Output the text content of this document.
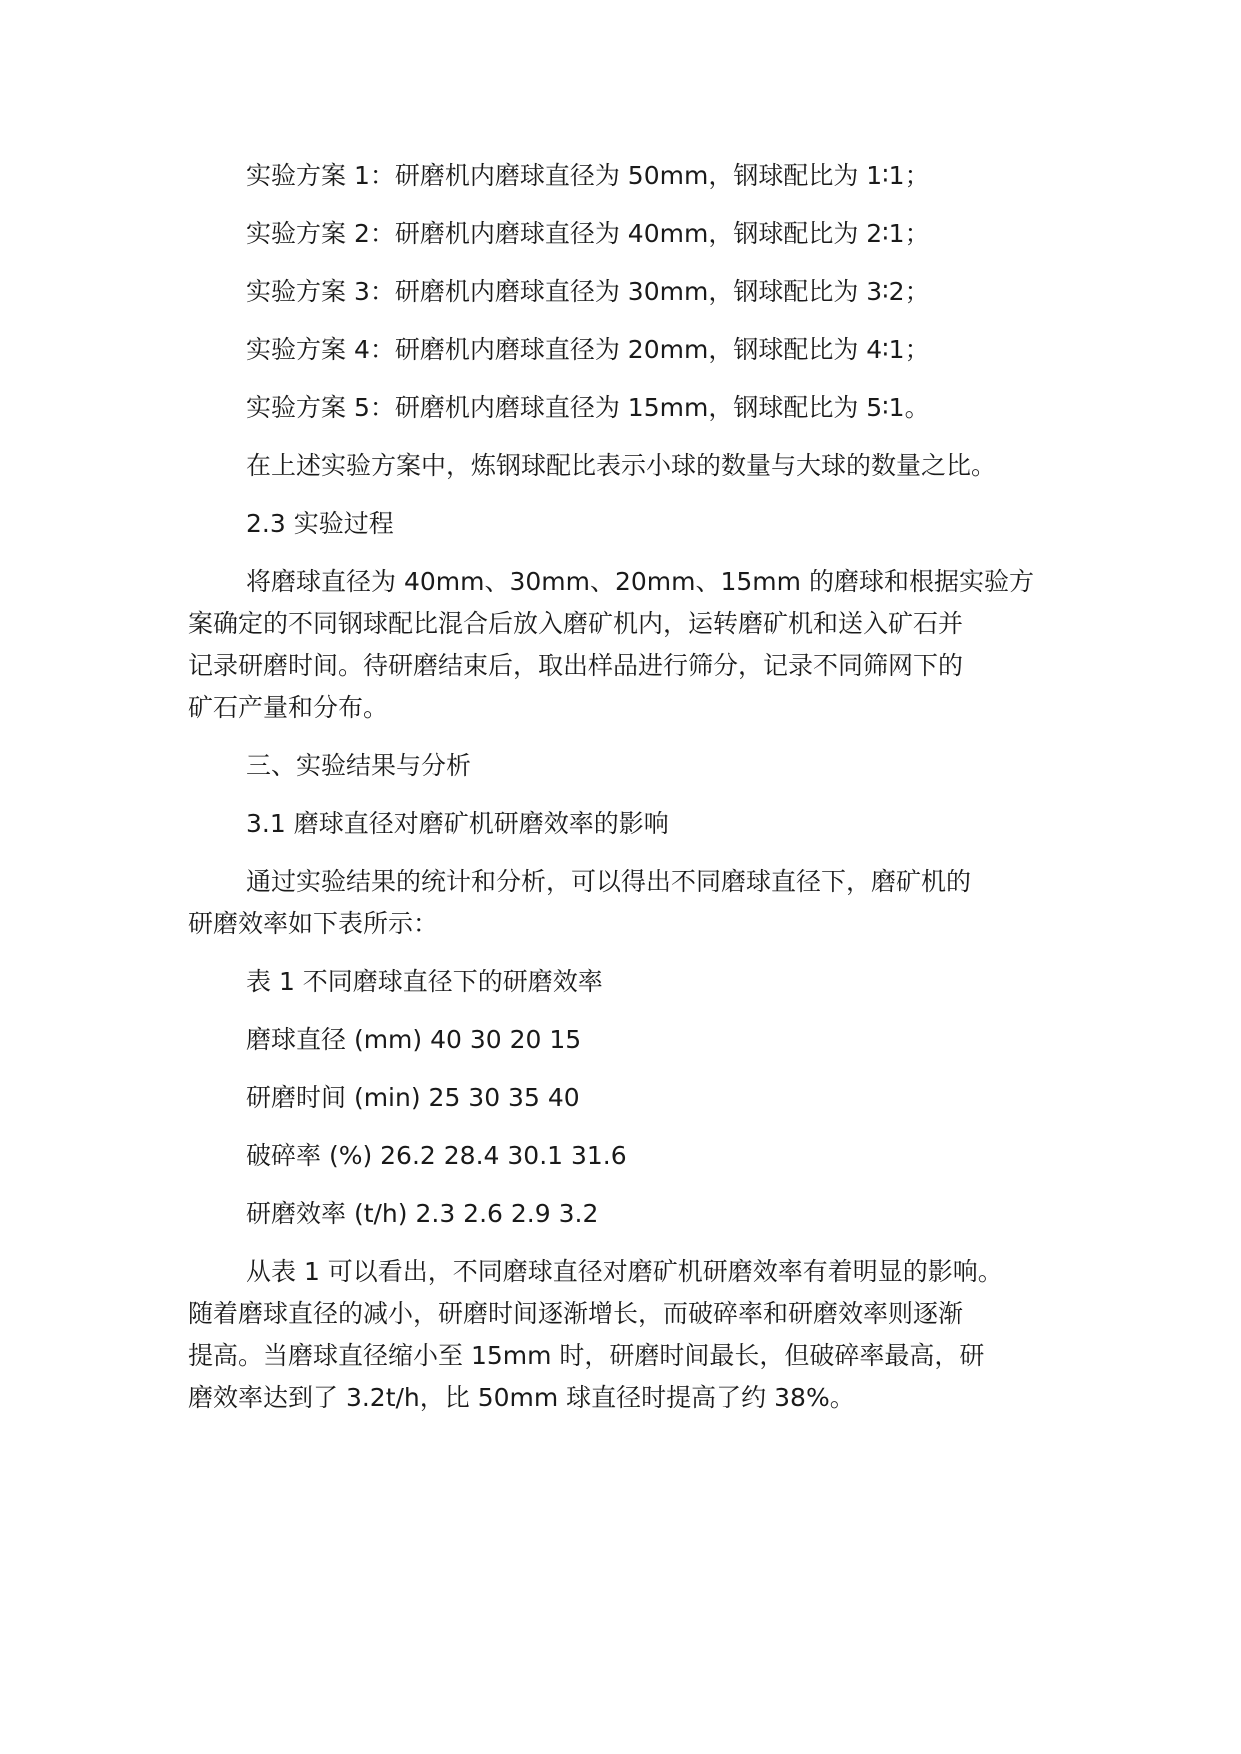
实验方案 1：研磨机内磨球直径为 50mm，钢球配比为 1∶1；
实验方案 2：研磨机内磨球直径为 40mm，钢球配比为 2∶1；
实验方案 3：研磨机内磨球直径为 30mm，钢球配比为 3∶2；
实验方案 4：研磨机内磨球直径为 20mm，钢球配比为 4∶1；
实验方案 5：研磨机内磨球直径为 15mm，钢球配比为 5∶1。
在上述实验方案中，炼钢球配比表示小球的数量与大球的数量之比。
2.3 实验过程
将磨球直径为 40mm、30mm、20mm、15mm 的磨球和根据实验方
案确定的不同钢球配比混合后放入磨矿机内，运转磨矿机和送入矿石并
记录研磨时间。待研磨结束后，取出样品进行筛分，记录不同筛网下的
矿石产量和分布。
三、实验结果与分析
3.1 磨球直径对磨矿机研磨效率的影响
通过实验结果的统计和分析，可以得出不同磨球直径下，磨矿机的
研磨效率如下表所示：
表 1 不同磨球直径下的研磨效率
磨球直径 (mm) 40 30 20 15
研磨时间 (min) 25 30 35 40
破碎率 (%) 26.2 28.4 30.1 31.6
研磨效率 (t/h) 2.3 2.6 2.9 3.2
从表 1 可以看出，不同磨球直径对磨矿机研磨效率有着明显的影响。
随着磨球直径的减小，研磨时间逐渐增长，而破碎率和研磨效率则逐渐
提高。当磨球直径缩小至 15mm 时，研磨时间最长，但破碎率最高，研
磨效率达到了 3.2t/h，比 50mm 球直径时提高了约 38%。
